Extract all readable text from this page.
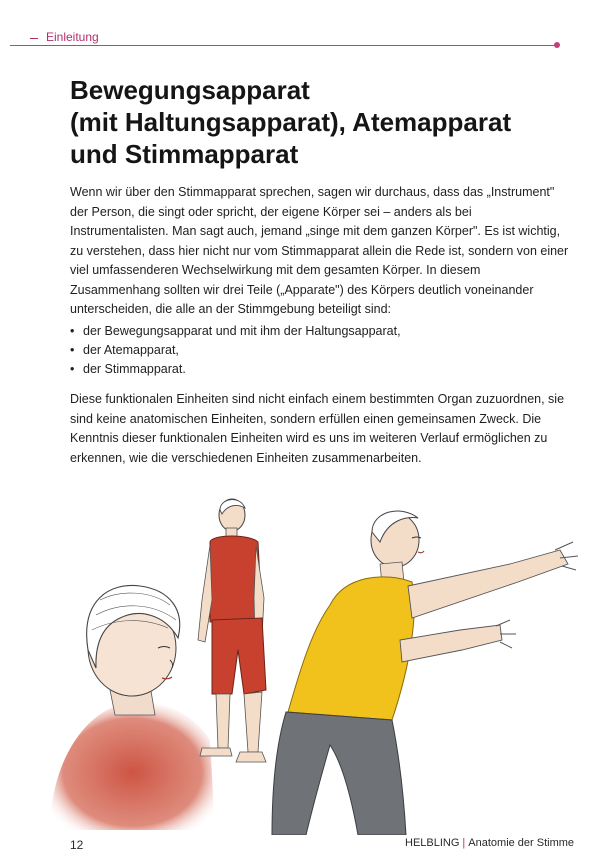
Einleitung
Bewegungsapparat
(mit Haltungsapparat), Atemapparat
und Stimmapparat

Wenn wir über den Stimmapparat sprechen, sagen wir durchaus, dass das „Instrument" der Person, die singt oder spricht, der eigene Körper sei – anders als bei Instrumentalisten. Man sagt auch, jemand „singe mit dem ganzen Körper". Es ist wichtig, zu verstehen, dass hier nicht nur vom Stimmapparat allein die Rede ist, sondern von einer viel umfassenderen Wechselwirkung mit dem gesamten Körper. In diesem Zusammenhang sollten wir drei Teile („Apparate") des Körpers deutlich voneinander unterscheiden, die alle an der Stimmgebung beteiligt sind:

• der Bewegungsapparat und mit ihm der Haltungsapparat,
• der Atemapparat,
• der Stimmapparat.

Diese funktionalen Einheiten sind nicht einfach einem bestimmten Organ zuzuordnen, sie sind keine anatomischen Einheiten, sondern erfüllen einen gemeinsamen Zweck. Die Kenntnis dieser funktionalen Einheiten wird es uns im weiteren Verlauf ermöglichen zu erkennen, wie die verschiedenen Einheiten zusammenarbeiten.

12	HELBLING | Anatomie der Stimme
